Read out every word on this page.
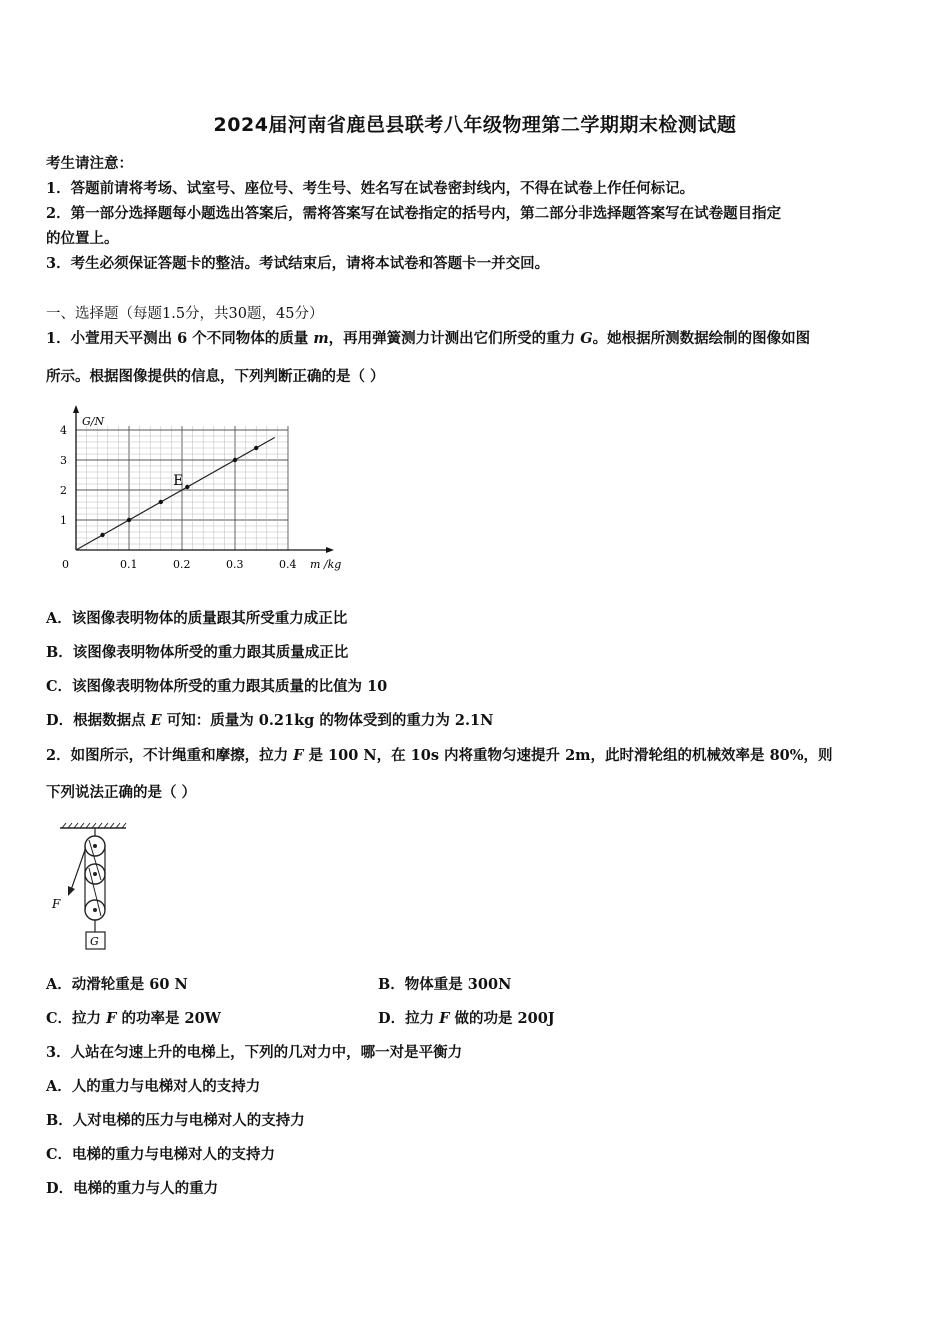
2024届河南省鹿邑县联考八年级物理第二学期期末检测试题
考生请注意：
1．答题前请将考场、试室号、座位号、考生号、姓名写在试卷密封线内，不得在试卷上作任何标记。
2．第一部分选择题每小题选出答案后，需将答案写在试卷指定的括号内，第二部分非选择题答案写在试卷题目指定
的位置上。
3．考生必须保证答题卡的整洁。考试结束后，请将本试卷和答题卡一并交回。
一、选择题（每题1.5分，共30题，45分）
1．小萱用天平测出 6 个不同物体的质量 m，再用弹簧测力计测出它们所受的重力 G。她根据所测数据绘制的图像如图
所示。根据图像提供的信息，下列判断正确的是（ ）
E
0.1	0.2	0.3	0.4
1
2
3
4
0	m /kg
G/N
A．该图像表明物体的质量跟其所受重力成正比
B．该图像表明物体所受的重力跟其质量成正比
C．该图像表明物体所受的重力跟其质量的比值为 10
D．根据数据点 E 可知：质量为 0.21kg 的物体受到的重力为 2.1N
2．如图所示，不计绳重和摩擦，拉力 F 是 100 N，在 10s 内将重物匀速提升 2m，此时滑轮组的机械效率是 80%，则
下列说法正确的是（ ）
F
G
A．动滑轮重是 60 N	B．物体重是 300N
C．拉力 F 的功率是 20W	D．拉力 F 做的功是 200J
3．人站在匀速上升的电梯上，下列的几对力中，哪一对是平衡力
A．人的重力与电梯对人的支持力
B．人对电梯的压力与电梯对人的支持力
C．电梯的重力与电梯对人的支持力
D．电梯的重力与人的重力
